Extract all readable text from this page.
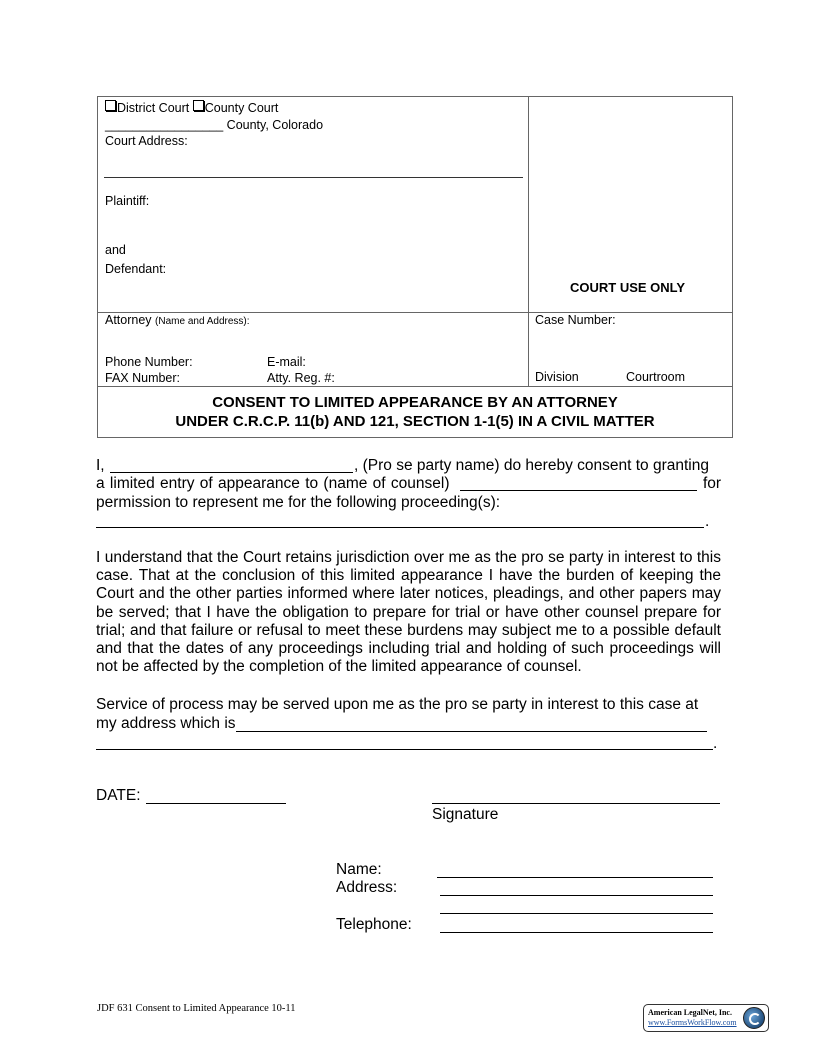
District Court County Court
_________________ County, Colorado
Court Address:
Plaintiff:
and
Defendant:
COURT USE ONLY
Attorney (Name and Address):
Phone Number:	E-mail:
FAX Number:	Atty. Reg. #:
Case Number:
Division	Courtroom
CONSENT TO LIMITED APPEARANCE BY AN ATTORNEY
UNDER C.R.C.P. 11(b) AND 121, SECTION 1-1(5) IN A CIVIL MATTER
I,	, (Pro se party name) do hereby consent to granting
a limited entry of appearance to (name of counsel)	for
permission to represent me for the following proceeding(s):
.
I understand that the Court retains jurisdiction over me as the pro se party in interest to this case. That at the conclusion of this limited appearance I have the burden of keeping the Court and the other parties informed where later notices, pleadings, and other papers may be served; that I have the obligation to prepare for trial or have other counsel prepare for trial; and that failure or refusal to meet these burdens may subject me to a possible default and that the dates of any proceedings including trial and holding of such proceedings will not be affected by the completion of the limited appearance of counsel.
Service of process may be served upon me as the pro se party in interest to this case at
my address which is
.
DATE:
Signature
Name:
Address:
Telephone:
JDF 631 Consent to Limited Appearance 10-11	American LegalNet, Inc.
www.FormsWorkFlow.com
